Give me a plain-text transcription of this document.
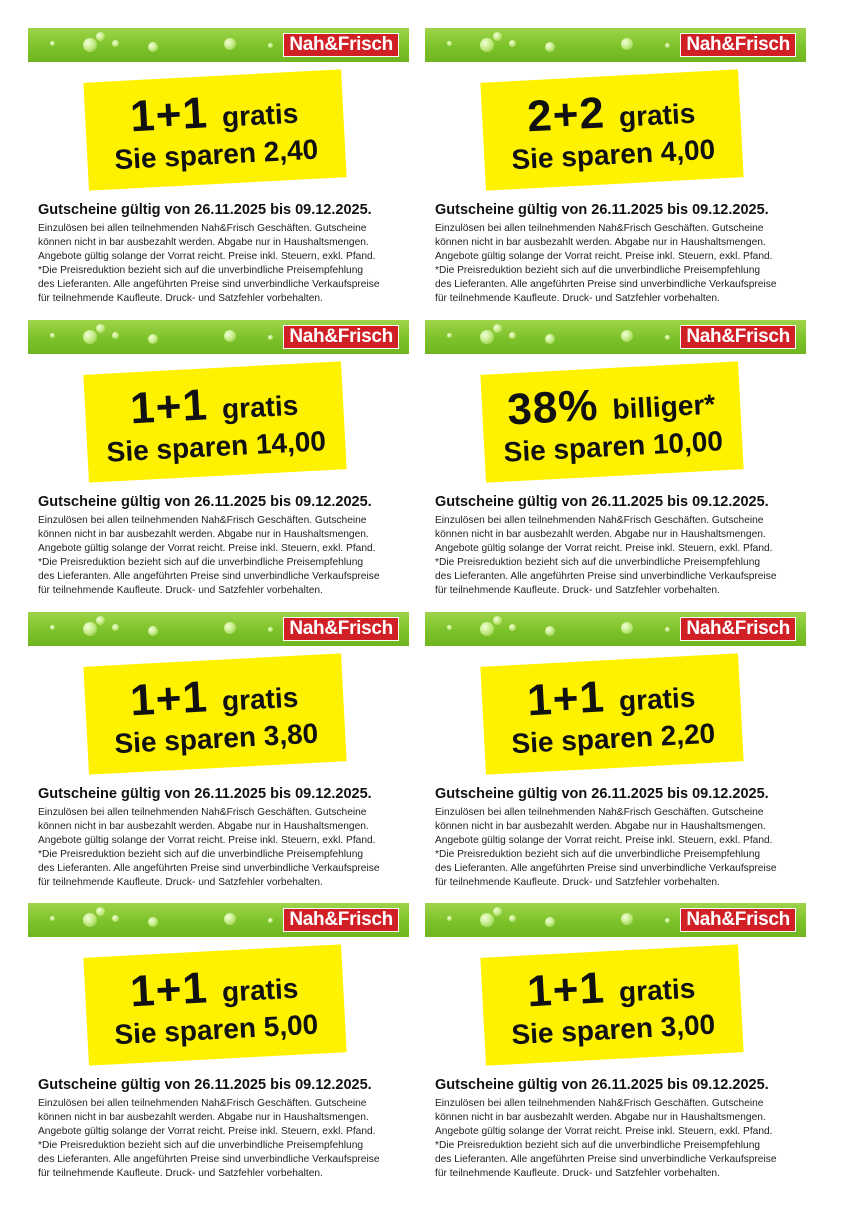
Nah&Frisch
1+1 gratis
Sie sparen 2,40
Gutscheine gültig von 26.11.2025 bis 09.12.2025.
Einzulösen bei allen teilnehmenden Nah&Frisch Geschäften. Gutscheine
können nicht in bar ausbezahlt werden. Abgabe nur in Haushaltsmengen.
Angebote gültig solange der Vorrat reicht. Preise inkl. Steuern, exkl. Pfand.
*Die Preisreduktion bezieht sich auf die unverbindliche Preisempfehlung
des Lieferanten. Alle angeführten Preise sind unverbindliche Verkaufspreise
für teilnehmende Kaufleute. Druck- und Satzfehler vorbehalten.
Nah&Frisch
2+2 gratis
Sie sparen 4,00
Gutscheine gültig von 26.11.2025 bis 09.12.2025.
Einzulösen bei allen teilnehmenden Nah&Frisch Geschäften. Gutscheine
können nicht in bar ausbezahlt werden. Abgabe nur in Haushaltsmengen.
Angebote gültig solange der Vorrat reicht. Preise inkl. Steuern, exkl. Pfand.
*Die Preisreduktion bezieht sich auf die unverbindliche Preisempfehlung
des Lieferanten. Alle angeführten Preise sind unverbindliche Verkaufspreise
für teilnehmende Kaufleute. Druck- und Satzfehler vorbehalten.
Nah&Frisch
1+1 gratis
Sie sparen 14,00
Gutscheine gültig von 26.11.2025 bis 09.12.2025.
Einzulösen bei allen teilnehmenden Nah&Frisch Geschäften. Gutscheine
können nicht in bar ausbezahlt werden. Abgabe nur in Haushaltsmengen.
Angebote gültig solange der Vorrat reicht. Preise inkl. Steuern, exkl. Pfand.
*Die Preisreduktion bezieht sich auf die unverbindliche Preisempfehlung
des Lieferanten. Alle angeführten Preise sind unverbindliche Verkaufspreise
für teilnehmende Kaufleute. Druck- und Satzfehler vorbehalten.
Nah&Frisch
38% billiger*
Sie sparen 10,00
Gutscheine gültig von 26.11.2025 bis 09.12.2025.
Einzulösen bei allen teilnehmenden Nah&Frisch Geschäften. Gutscheine
können nicht in bar ausbezahlt werden. Abgabe nur in Haushaltsmengen.
Angebote gültig solange der Vorrat reicht. Preise inkl. Steuern, exkl. Pfand.
*Die Preisreduktion bezieht sich auf die unverbindliche Preisempfehlung
des Lieferanten. Alle angeführten Preise sind unverbindliche Verkaufspreise
für teilnehmende Kaufleute. Druck- und Satzfehler vorbehalten.
Nah&Frisch
1+1 gratis
Sie sparen 3,80
Gutscheine gültig von 26.11.2025 bis 09.12.2025.
Einzulösen bei allen teilnehmenden Nah&Frisch Geschäften. Gutscheine
können nicht in bar ausbezahlt werden. Abgabe nur in Haushaltsmengen.
Angebote gültig solange der Vorrat reicht. Preise inkl. Steuern, exkl. Pfand.
*Die Preisreduktion bezieht sich auf die unverbindliche Preisempfehlung
des Lieferanten. Alle angeführten Preise sind unverbindliche Verkaufspreise
für teilnehmende Kaufleute. Druck- und Satzfehler vorbehalten.
Nah&Frisch
1+1 gratis
Sie sparen 2,20
Gutscheine gültig von 26.11.2025 bis 09.12.2025.
Einzulösen bei allen teilnehmenden Nah&Frisch Geschäften. Gutscheine
können nicht in bar ausbezahlt werden. Abgabe nur in Haushaltsmengen.
Angebote gültig solange der Vorrat reicht. Preise inkl. Steuern, exkl. Pfand.
*Die Preisreduktion bezieht sich auf die unverbindliche Preisempfehlung
des Lieferanten. Alle angeführten Preise sind unverbindliche Verkaufspreise
für teilnehmende Kaufleute. Druck- und Satzfehler vorbehalten.
Nah&Frisch
1+1 gratis
Sie sparen 5,00
Gutscheine gültig von 26.11.2025 bis 09.12.2025.
Einzulösen bei allen teilnehmenden Nah&Frisch Geschäften. Gutscheine
können nicht in bar ausbezahlt werden. Abgabe nur in Haushaltsmengen.
Angebote gültig solange der Vorrat reicht. Preise inkl. Steuern, exkl. Pfand.
*Die Preisreduktion bezieht sich auf die unverbindliche Preisempfehlung
des Lieferanten. Alle angeführten Preise sind unverbindliche Verkaufspreise
für teilnehmende Kaufleute. Druck- und Satzfehler vorbehalten.
Nah&Frisch
1+1 gratis
Sie sparen 3,00
Gutscheine gültig von 26.11.2025 bis 09.12.2025.
Einzulösen bei allen teilnehmenden Nah&Frisch Geschäften. Gutscheine
können nicht in bar ausbezahlt werden. Abgabe nur in Haushaltsmengen.
Angebote gültig solange der Vorrat reicht. Preise inkl. Steuern, exkl. Pfand.
*Die Preisreduktion bezieht sich auf die unverbindliche Preisempfehlung
des Lieferanten. Alle angeführten Preise sind unverbindliche Verkaufspreise
für teilnehmende Kaufleute. Druck- und Satzfehler vorbehalten.
